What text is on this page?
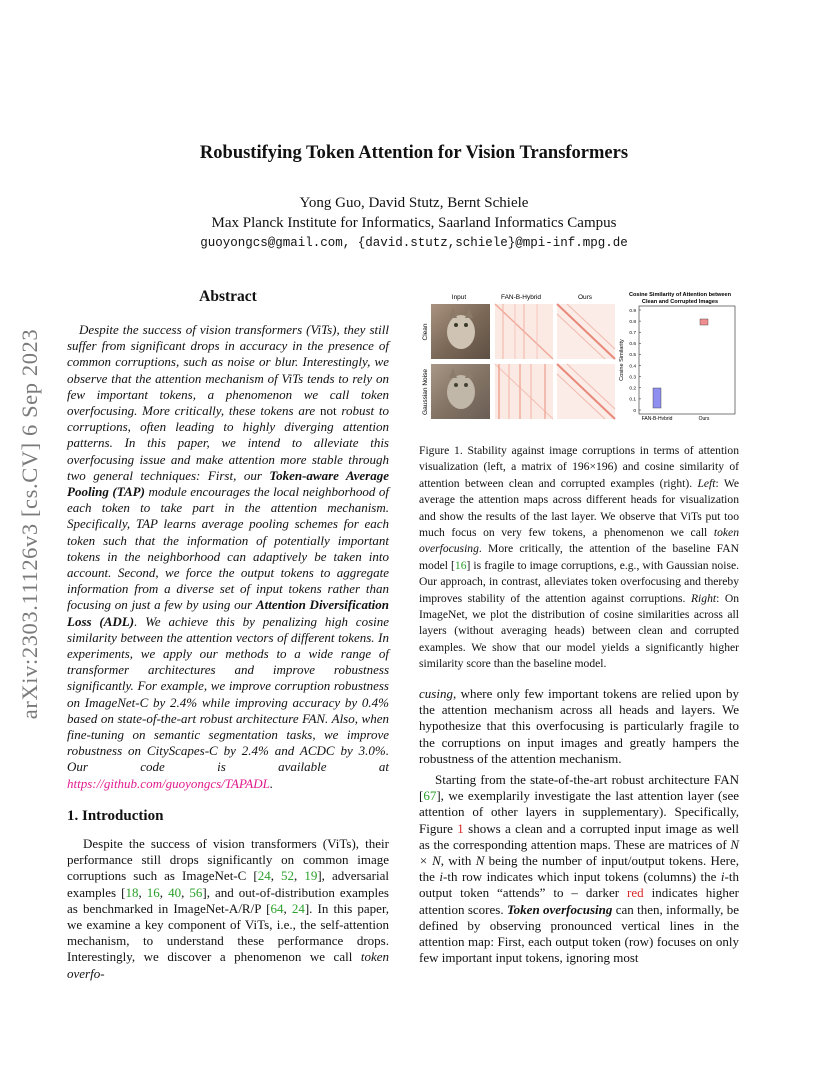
Robustifying Token Attention for Vision Transformers
Yong Guo, David Stutz, Bernt Schiele
Max Planck Institute for Informatics, Saarland Informatics Campus
guoyongcs@gmail.com, {david.stutz,schiele}@mpi-inf.mpg.de
arXiv:2303.11126v3 [cs.CV] 6 Sep 2023
Abstract

Despite the success of vision transformers (ViTs), they still suffer from significant drops in accuracy in the presence of common corruptions, such as noise or blur. Interestingly, we observe that the attention mechanism of ViTs tends to rely on few important tokens, a phenomenon we call token overfocusing. More critically, these tokens are not robust to corruptions, often leading to highly diverging attention patterns. In this paper, we intend to alleviate this overfocusing issue and make attention more stable through two general techniques: First, our Token-aware Average Pooling (TAP) module encourages the local neighborhood of each token to take part in the attention mechanism. Specifically, TAP learns average pooling schemes for each token such that the information of potentially important tokens in the neighborhood can adaptively be taken into account. Second, we force the output tokens to aggregate information from a diverse set of input tokens rather than focusing on just a few by using our Attention Diversification Loss (ADL). We achieve this by penalizing high cosine similarity between the attention vectors of different tokens. In experiments, we apply our methods to a wide range of transformer architectures and improve robustness significantly. For example, we improve corruption robustness on ImageNet-C by 2.4% while improving accuracy by 0.4% based on state-of-the-art robust architecture FAN. Also, when fine-tuning on semantic segmentation tasks, we improve robustness on CityScapes-C by 2.4% and ACDC by 3.0%. Our code is available at https://github.com/guoyongcs/TAPADL.

1. Introduction

Despite the success of vision transformers (ViTs), their performance still drops significantly on common image corruptions such as ImageNet-C [24, 52, 19], adversarial examples [18, 16, 40, 56], and out-of-distribution examples as benchmarked in ImageNet-A/R/P [64, 24]. In this paper, we examine a key component of ViTs, i.e., the self-attention mechanism, to understand these performance drops. Interestingly, we discover a phenomenon we call token overfo-

Input	FAN-B-Hybrid	Ours
Clean
Gaussian Noise
Cosine Similarity of Attention between
Clean and Corrupted Images
Cosine Similarity
0.9
0.8
0.7
0.6
0.5
0.4
0.3
0.2
0.1
0
FAN-B-Hybrid	Ours

Figure 1. Stability against image corruptions in terms of attention visualization (left, a matrix of 196×196) and cosine similarity of attention between clean and corrupted examples (right). Left: We average the attention maps across different heads for visualization and show the results of the last layer. We observe that ViTs put too much focus on very few tokens, a phenomenon we call token overfocusing. More critically, the attention of the baseline FAN model [16] is fragile to image corruptions, e.g., with Gaussian noise. Our approach, in contrast, alleviates token overfocusing and thereby improves stability of the attention against corruptions. Right: On ImageNet, we plot the distribution of cosine similarities across all layers (without averaging heads) between clean and corrupted examples. We show that our model yields a significantly higher similarity score than the baseline model.

cusing, where only few important tokens are relied upon by the attention mechanism across all heads and layers. We hypothesize that this overfocusing is particularly fragile to the corruptions on input images and greatly hampers the robustness of the attention mechanism.

Starting from the state-of-the-art robust architecture FAN [67], we exemplarily investigate the last attention layer (see attention of other layers in supplementary). Specifically, Figure 1 shows a clean and a corrupted input image as well as the corresponding attention maps. These are matrices of N × N, with N being the number of input/output tokens. Here, the i-th row indicates which input tokens (columns) the i-th output token “attends” to – darker red indicates higher attention scores. Token overfocusing can then, informally, be defined by observing pronounced vertical lines in the attention map: First, each output token (row) focuses on only few important input tokens, ignoring most
